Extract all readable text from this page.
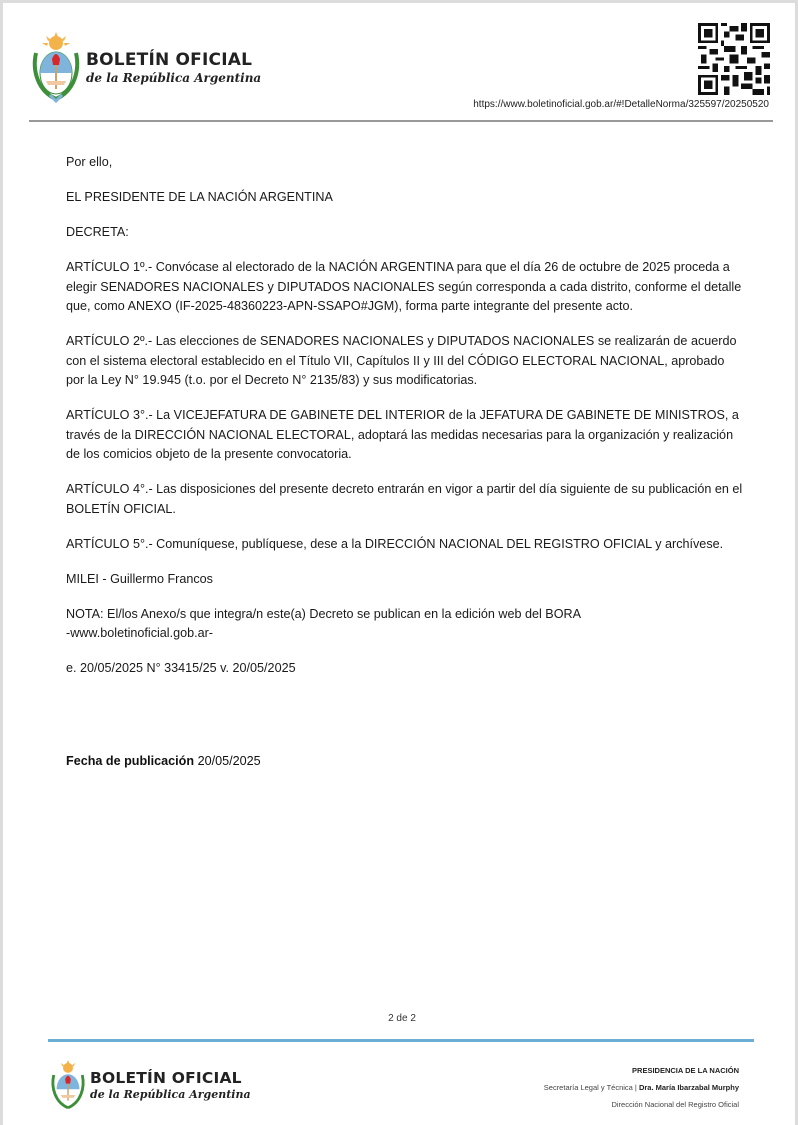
BOLETÍN OFICIAL
de la República Argentina
https://www.boletinoficial.gob.ar/#!DetalleNorma/325597/20250520

Por ello,

EL PRESIDENTE DE LA NACIÓN ARGENTINA

DECRETA:

ARTÍCULO 1º.- Convócase al electorado de la NACIÓN ARGENTINA para que el día 26 de octubre de 2025 proceda a elegir SENADORES NACIONALES y DIPUTADOS NACIONALES según corresponda a cada distrito, conforme el detalle que, como ANEXO (IF-2025-48360223-APN-SSAPO#JGM), forma parte integrante del presente acto.

ARTÍCULO 2º.- Las elecciones de SENADORES NACIONALES y DIPUTADOS NACIONALES se realizarán de acuerdo con el sistema electoral establecido en el Título VII, Capítulos II y III del CÓDIGO ELECTORAL NACIONAL, aprobado por la Ley N° 19.945 (t.o. por el Decreto N° 2135/83) y sus modificatorias.

ARTÍCULO 3°.- La VICEJEFATURA DE GABINETE DEL INTERIOR de la JEFATURA DE GABINETE DE MINISTROS, a través de la DIRECCIÓN NACIONAL ELECTORAL, adoptará las medidas necesarias para la organización y realización de los comicios objeto de la presente convocatoria.

ARTÍCULO 4°.- Las disposiciones del presente decreto entrarán en vigor a partir del día siguiente de su publicación en el BOLETÍN OFICIAL.

ARTÍCULO 5°.- Comuníquese, publíquese, dese a la DIRECCIÓN NACIONAL DEL REGISTRO OFICIAL y archívese.

MILEI - Guillermo Francos

NOTA: El/los Anexo/s que integra/n este(a) Decreto se publican en la edición web del BORA
-www.boletinoficial.gob.ar-

e. 20/05/2025 N° 33415/25 v. 20/05/2025

Fecha de publicación 20/05/2025
2 de 2
BOLETÍN OFICIAL
de la República Argentina
PRESIDENCIA DE LA NACIÓN
Secretaría Legal y Técnica | Dra. María Ibarzabal Murphy
Dirección Nacional del Registro Oficial
